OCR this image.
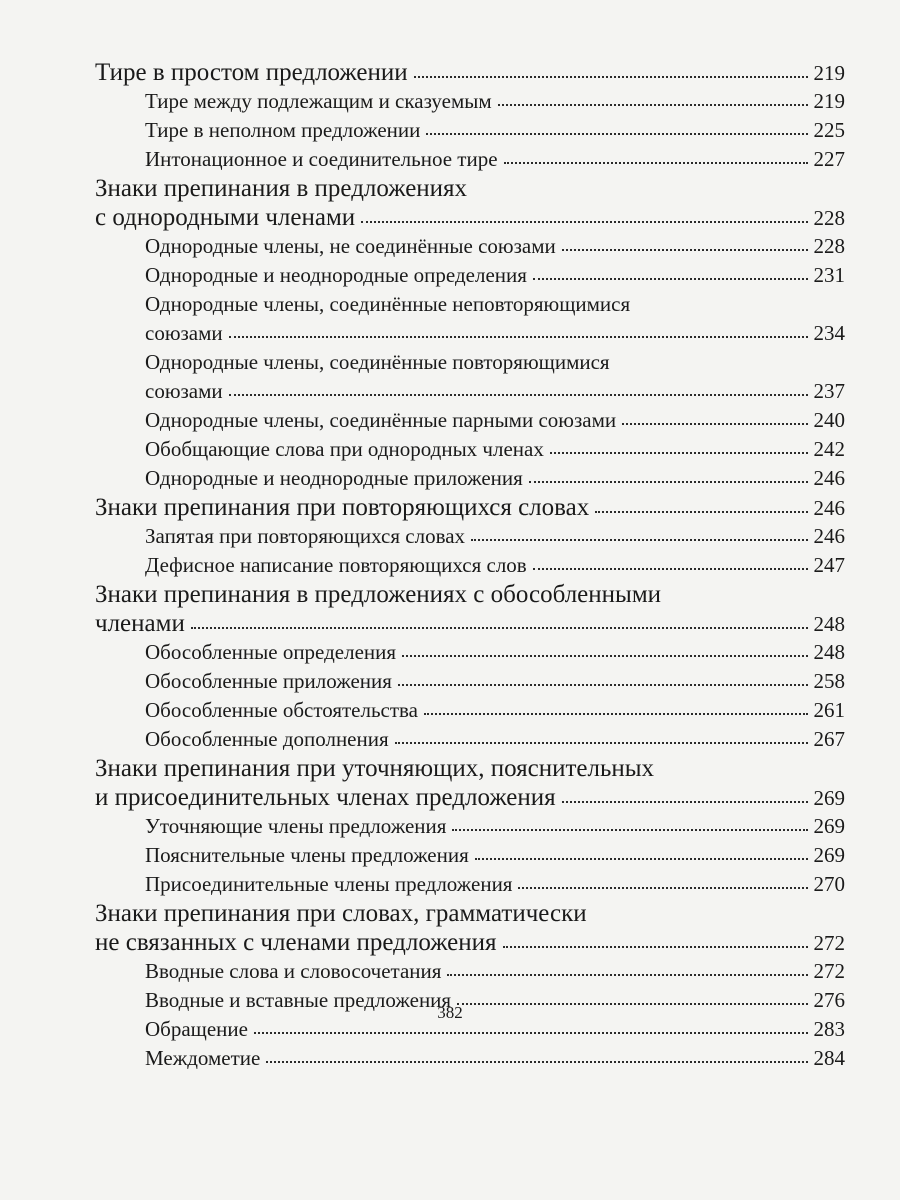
Тире в простом предложении	219
Тире между подлежащим и сказуемым	219
Тире в неполном предложении	225
Интонационное и соединительное тире	227
Знаки препинания в предложениях
с однородными членами	228
Однородные члены, не соединённые союзами	228
Однородные и неоднородные определения	231
Однородные члены, соединённые неповторяющимися
союзами	234
Однородные члены, соединённые повторяющимися
союзами	237
Однородные члены, соединённые парными союзами	240
Обобщающие слова при однородных членах	242
Однородные и неоднородные приложения	246
Знаки препинания при повторяющихся словах	246
Запятая при повторяющихся словах	246
Дефисное написание повторяющихся слов	247
Знаки препинания в предложениях с обособленными
членами	248
Обособленные определения	248
Обособленные приложения	258
Обособленные обстоятельства	261
Обособленные дополнения	267
Знаки препинания при уточняющих, пояснительных
и присоединительных членах предложения	269
Уточняющие члены предложения	269
Пояснительные члены предложения	269
Присоединительные члены предложения	270
Знаки препинания при словах, грамматически
не связанных с членами предложения	272
Вводные слова и словосочетания	272
Вводные и вставные предложения	276
Обращение	283
Междометие	284
382
